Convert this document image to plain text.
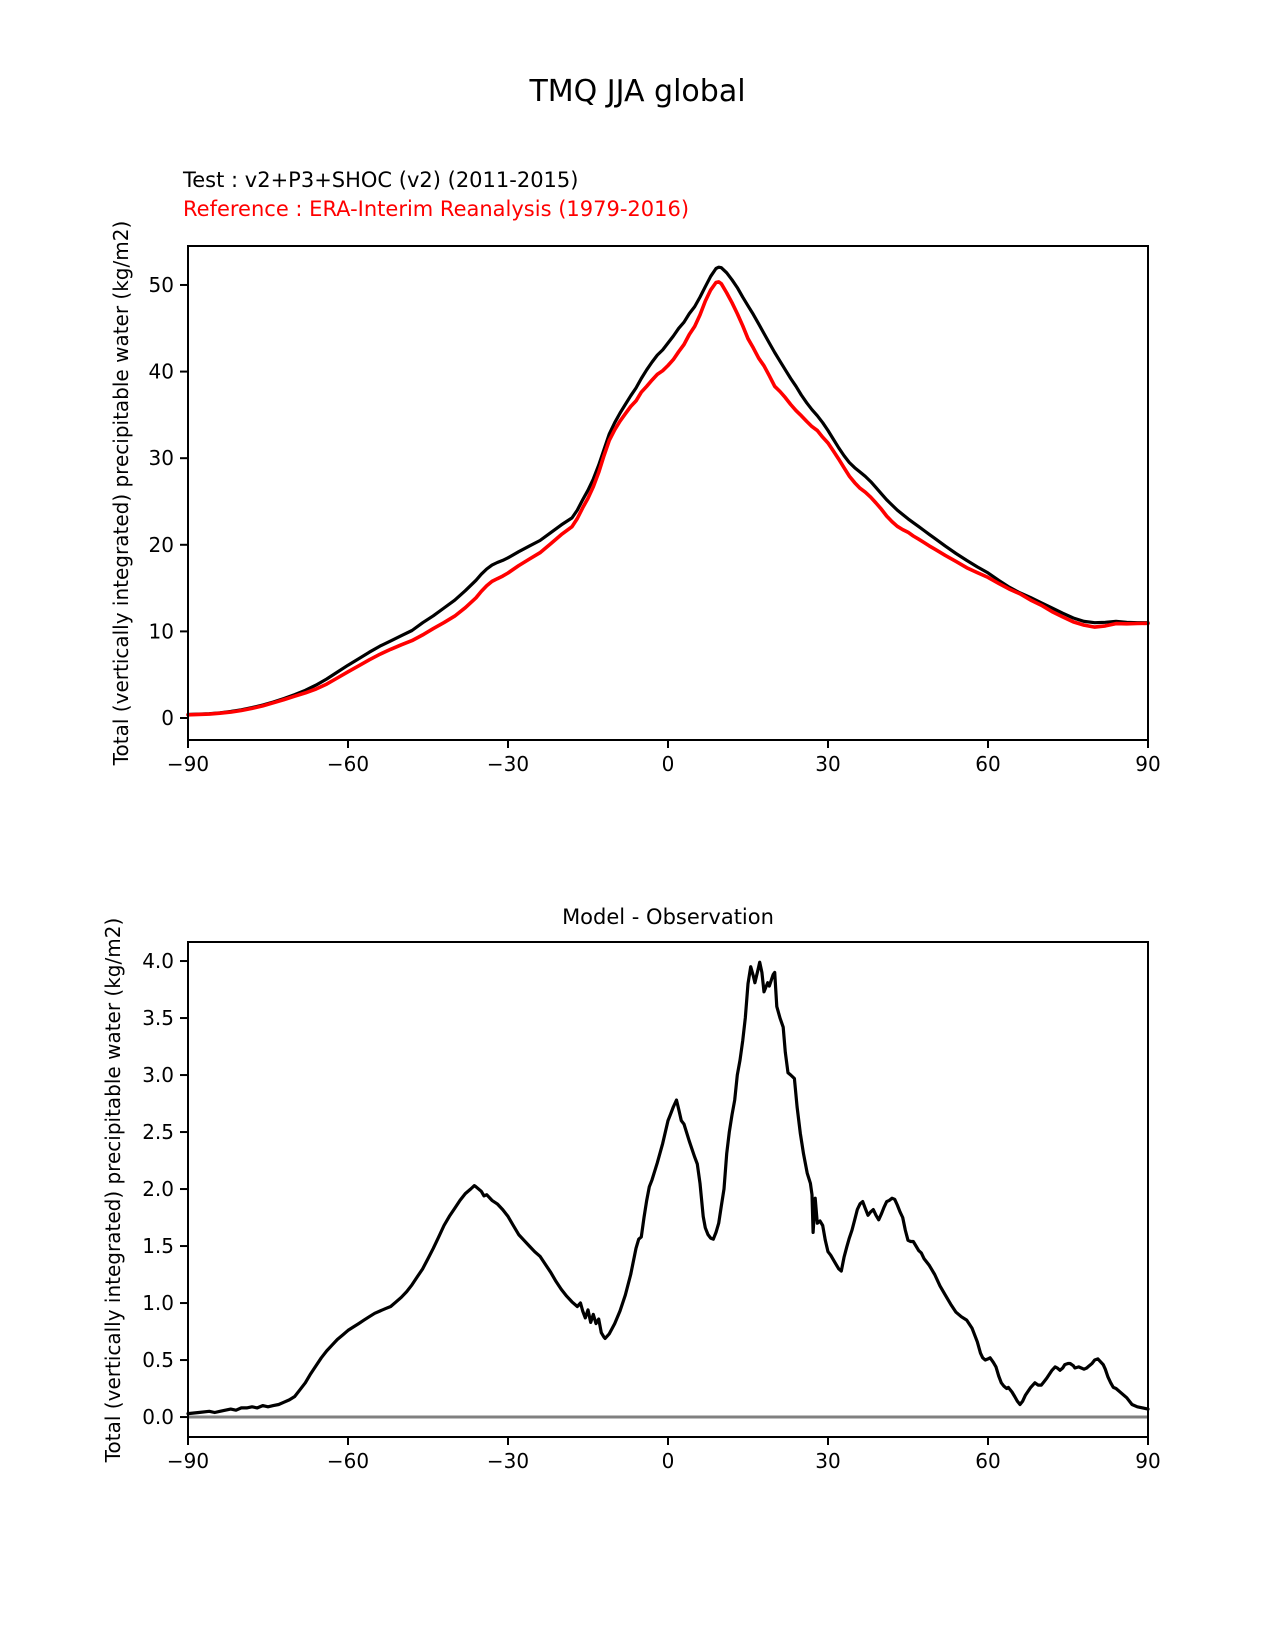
TMQ JJA global
Test : v2+P3+SHOC (v2) (2011-2015)
Reference : ERA-Interim Reanalysis (1979-2016)
Total (vertically integrated) precipitable water (kg/m2)
Model - Observation
Total (vertically integrated) precipitable water (kg/m2)
−90	−60	−30	0	30	60	90
0
10
20
30
40
50
−90	−60	−30	0	30	60	90
0.0
0.5
1.0
1.5
2.0
2.5
3.0
3.5
4.0
